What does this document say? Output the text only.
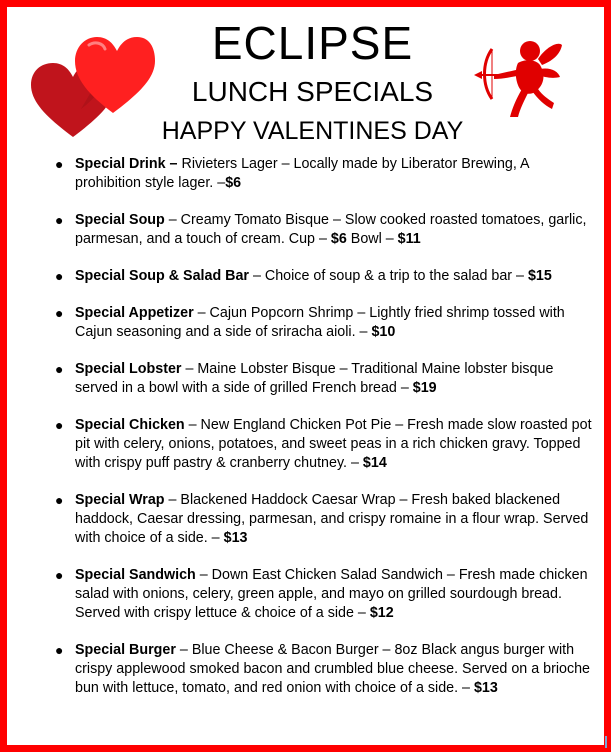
ECLIPSE
LUNCH SPECIALS
HAPPY VALENTINES DAY
● Special Drink – Rivieters Lager – Locally made by Liberator Brewing, A prohibition style lager. –$6
● Special Soup – Creamy Tomato Bisque – Slow cooked roasted tomatoes, garlic, parmesan, and a touch of cream. Cup – $6 Bowl – $11
● Special Soup & Salad Bar – Choice of soup & a trip to the salad bar – $15
● Special Appetizer – Cajun Popcorn Shrimp – Lightly fried shrimp tossed with Cajun seasoning and a side of sriracha aioli. – $10
● Special Lobster – Maine Lobster Bisque – Traditional Maine lobster bisque served in a bowl with a side of grilled French bread – $19
● Special Chicken – New England Chicken Pot Pie – Fresh made slow roasted pot pit with celery, onions, potatoes, and sweet peas in a rich chicken gravy. Topped with crispy puff pastry & cranberry chutney. – $14
● Special Wrap – Blackened Haddock Caesar Wrap – Fresh baked blackened haddock, Caesar dressing, parmesan, and crispy romaine in a flour wrap. Served with choice of a side. – $13
● Special Sandwich – Down East Chicken Salad Sandwich – Fresh made chicken salad with onions, celery, green apple, and mayo on grilled sourdough bread. Served with crispy lettuce & choice of a side – $12
● Special Burger – Blue Cheese & Bacon Burger – 8oz Black angus burger with crispy applewood smoked bacon and crumbled blue cheese. Served on a brioche bun with lettuce, tomato, and red onion with choice of a side. – $13
